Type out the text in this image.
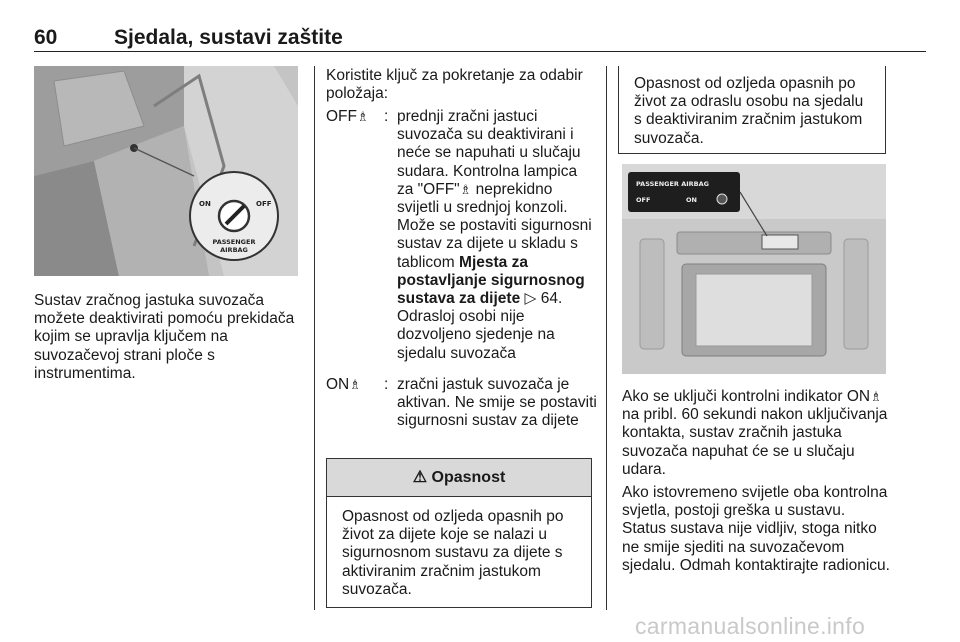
60	Sjedala, sustavi zaštite
ON	OFF
PASSENGER
AIRBAG

Sustav zračnog jastuka suvozača možete deaktivirati pomoću prekidača kojim se upravlja ključem na suvozačevoj strani ploče s instrumentima.

Koristite ključ za pokretanje za odabir položaja:

OFF♗ : prednji zračni jastuci suvozača su deaktivirani i neće se napuhati u slučaju sudara. Kontrolna lampica za "OFF"♗ neprekidno svijetli u srednjoj konzoli. Može se postaviti sigurnosni sustav za dijete u skladu s tablicom Mjesta za postavljanje sigurnosnog sustava za dijete ▷ 64. Odrasloj osobi nije dozvoljeno sjedenje na sjedalu suvozača
ON♗ : zračni jastuk suvozača je aktivan. Ne smije se postaviti sigurnosni sustav za dijete
⚠ Opasnost
Opasnost od ozljeda opasnih po život za dijete koje se nalazi u sigurnosnom sustavu za dijete s aktiviranim zračnim jastukom suvozača.
Opasnost od ozljeda opasnih po život za odraslu osobu na sjedalu s deaktiviranim zračnim jastukom suvozača.
PASSENGER AIRBAG
OFF	ON

Ako se uključi kontrolni indikator ON♗ na pribl. 60 sekundi nakon uključivanja kontakta, sustav zračnih jastuka suvozača napuhat će se u slučaju udara.

Ako istovremeno svijetle oba kontrolna svjetla, postoji greška u sustavu. Status sustava nije vidljiv, stoga nitko ne smije sjediti na suvozačevom sjedalu. Odmah kontaktirajte radionicu.

carmanualsonline.info
